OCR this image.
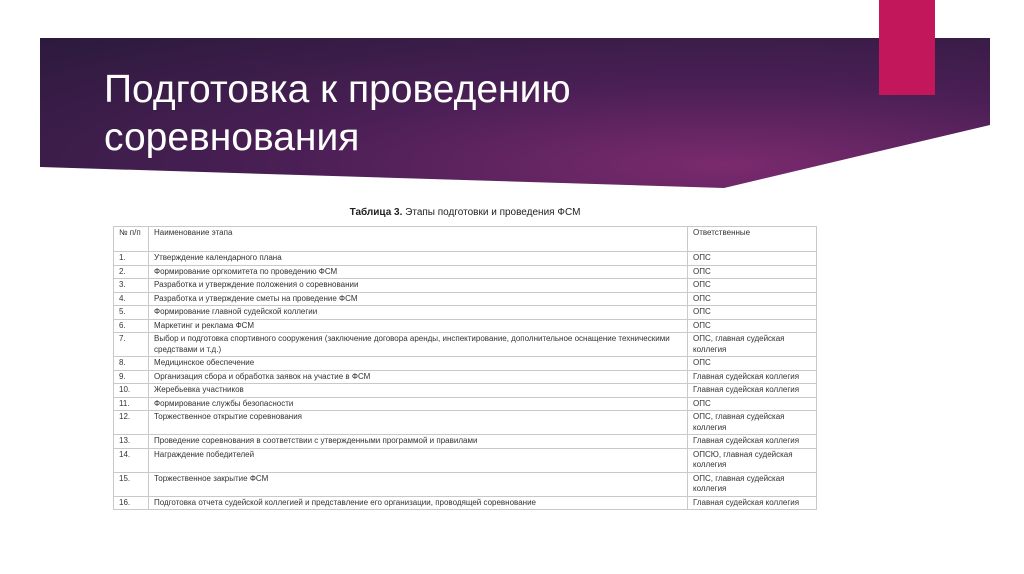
Подготовка к проведению
соревнования
Таблица 3. Этапы подготовки и проведения ФСМ
№ п/п	Наименование этапа	Ответственные
1.	Утверждение календарного плана	ОПС
2.	Формирование оргкомитета по проведению ФСМ	ОПС
3.	Разработка и утверждение положения о соревновании	ОПС
4.	Разработка и утверждение сметы на проведение ФСМ	ОПС
5.	Формирование главной судейской коллегии	ОПС
6.	Маркетинг и реклама ФСМ	ОПС
7.	Выбор и подготовка спортивного сооружения (заключение договора аренды, инспектирование, дополнительное оснащение техническими средствами и т.д.)	ОПС, главная судейская коллегия
8.	Медицинское обеспечение	ОПС
9.	Организация сбора и обработка заявок на участие в ФСМ	Главная судейская коллегия
10.	Жеребьевка участников	Главная судейская коллегия
11.	Формирование службы безопасности	ОПС
12.	Торжественное открытие соревнования	ОПС, главная судейская коллегия
13.	Проведение соревнования в соответствии с утвержденными программой и правилами	Главная судейская коллегия
14.	Награждение победителей	ОПСЮ, главная судейская коллегия
15.	Торжественное закрытие ФСМ	ОПС, главная судейская коллегия
16.	Подготовка отчета судейской коллегией и представление его организации, проводящей соревнование	Главная судейская коллегия
